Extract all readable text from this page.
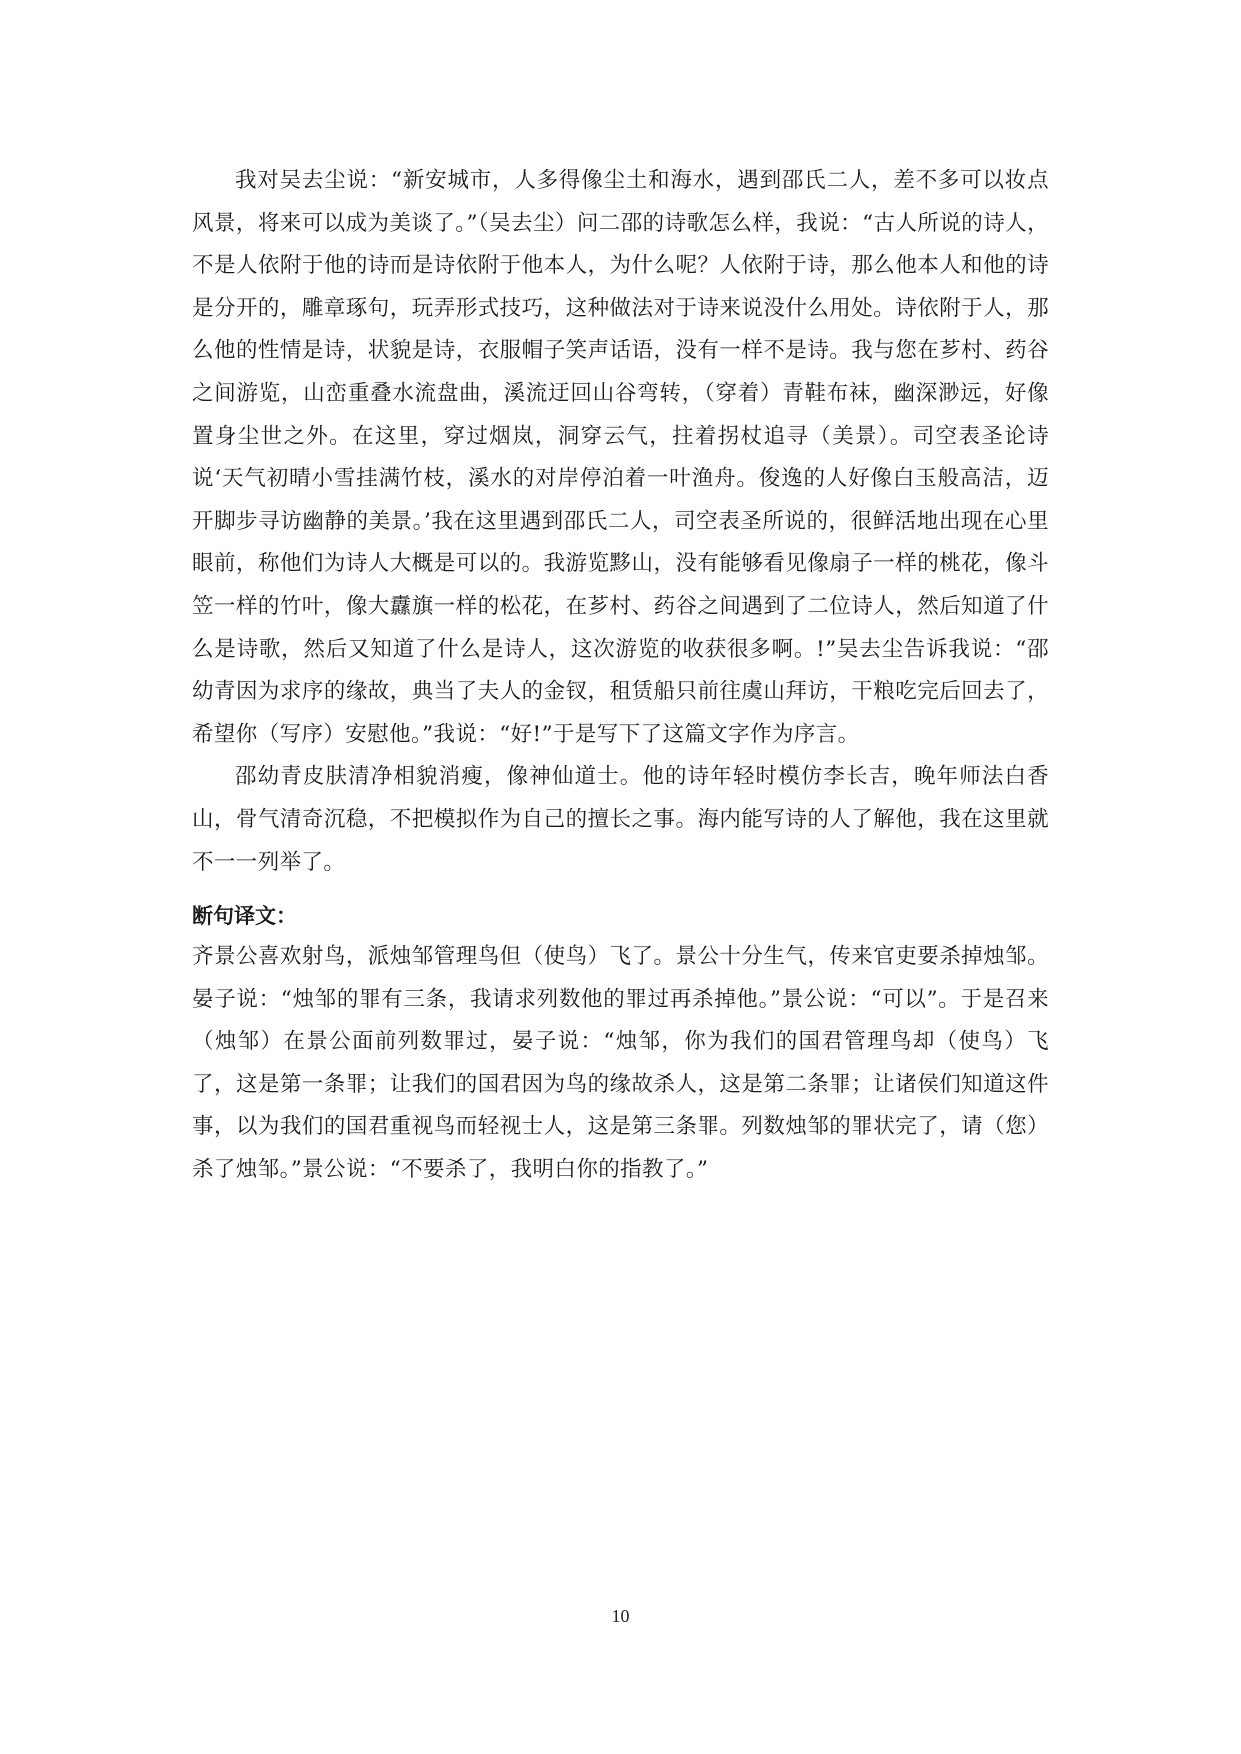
我对吴去尘说：“新安城市，人多得像尘土和海水，遇到邵氏二人，差不多可以妆点风景，将来可以成为美谈了。”（吴去尘）问二邵的诗歌怎么样，我说：“古人所说的诗人，不是人依附于他的诗而是诗依附于他本人，为什么呢？人依附于诗，那么他本人和他的诗是分开的，雕章琢句，玩弄形式技巧，这种做法对于诗来说没什么用处。诗依附于人，那么他的性情是诗，状貌是诗，衣服帽子笑声话语，没有一样不是诗。我与您在芗村、药谷之间游览，山峦重叠水流盘曲，溪流迂回山谷弯转，（穿着）青鞋布袜，幽深渺远，好像置身尘世之外。在这里，穿过烟岚，洞穿云气，拄着拐杖追寻（美景）。司空表圣论诗说‘天气初晴小雪挂满竹枝，溪水的对岸停泊着一叶渔舟。俊逸的人好像白玉般高洁，迈开脚步寻访幽静的美景。’我在这里遇到邵氏二人，司空表圣所说的，很鲜活地出现在心里眼前，称他们为诗人大概是可以的。我游览黟山，没有能够看见像扇子一样的桃花，像斗笠一样的竹叶，像大纛旗一样的松花，在芗村、药谷之间遇到了二位诗人，然后知道了什么是诗歌，然后又知道了什么是诗人，这次游览的收获很多啊。!”吴去尘告诉我说：“邵幼青因为求序的缘故，典当了夫人的金钗，租赁船只前往虞山拜访，干粮吃完后回去了，希望你（写序）安慰他。”我说：“好!”于是写下了这篇文字作为序言。

邵幼青皮肤清净相貌消瘦，像神仙道士。他的诗年轻时模仿李长吉，晚年师法白香山，骨气清奇沉稳，不把模拟作为自己的擅长之事。海内能写诗的人了解他，我在这里就不一一列举了。

断句译文：

齐景公喜欢射鸟，派烛邹管理鸟但（使鸟）飞了。景公十分生气，传来官吏要杀掉烛邹。晏子说：“烛邹的罪有三条，我请求列数他的罪过再杀掉他。”景公说：“可以”。于是召来（烛邹）在景公面前列数罪过，晏子说：“烛邹，你为我们的国君管理鸟却（使鸟）飞了，这是第一条罪；让我们的国君因为鸟的缘故杀人，这是第二条罪；让诸侯们知道这件事，以为我们的国君重视鸟而轻视士人，这是第三条罪。列数烛邹的罪状完了，请（您）杀了烛邹。”景公说：“不要杀了，我明白你的指教了。”

10
